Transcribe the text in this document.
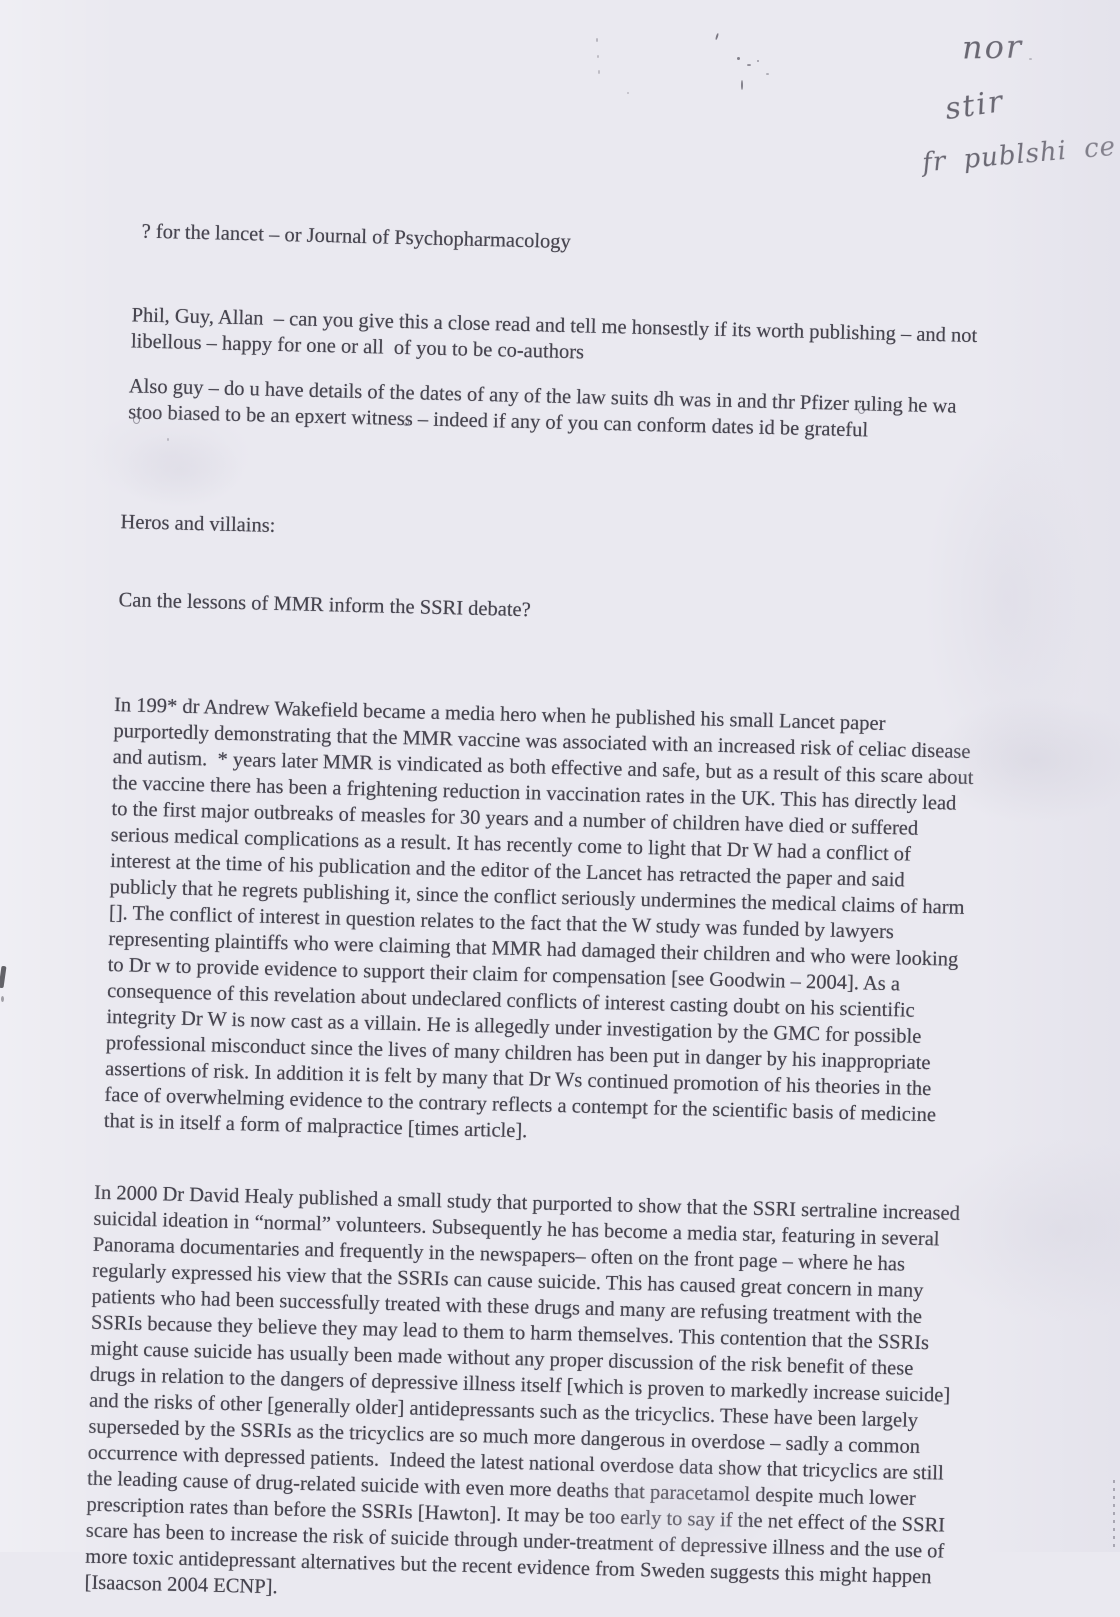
nor
stir
fr publshi ce
? for the lancet – or Journal of Psychopharmacology
Phil, Guy, Allan  – can you give this a close read and tell me honsestly if its worth publishing – and not libellous – happy for one or all  of you to be co-authors
Also guy – do u have details of the dates of any of the law suits dh was in and thr Pfizer ruling he wa stoo biased to be an epxert witness – indeed if any of you can conform dates id be grateful

Heros and villains:

Can the lessons of MMR inform the SSRI debate?

In 199* dr Andrew Wakefield became a media hero when he published his small Lancet paper purportedly demonstrating that the MMR vaccine was associated with an increased risk of celiac disease and autism.  * years later MMR is vindicated as both effective and safe, but as a result of this scare about the vaccine there has been a frightening reduction in vaccination rates in the UK. This has directly lead to the first major outbreaks of measles for 30 years and a number of children have died or suffered serious medical complications as a result. It has recently come to light that Dr W had a conflict of interest at the time of his publication and the editor of the Lancet has retracted the paper and said publicly that he regrets publishing it, since the conflict seriously undermines the medical claims of harm []. The conflict of interest in question relates to the fact that the W study was funded by lawyers representing plaintiffs who were claiming that MMR had damaged their children and who were looking to Dr w to provide evidence to support their claim for compensation [see Goodwin – 2004]. As a consequence of this revelation about undeclared conflicts of interest casting doubt on his scientific integrity Dr W is now cast as a villain. He is allegedly under investigation by the GMC for possible professional misconduct since the lives of many children has been put in danger by his inappropriate assertions of risk. In addition it is felt by many that Dr Ws continued promotion of his theories in the face of overwhelming evidence to the contrary reflects a contempt for the scientific basis of medicine that is in itself a form of malpractice [times article].
In 2000 Dr David Healy published a small study that purported to show that the SSRI sertraline increased suicidal ideation in “normal” volunteers. Subsequently he has become a media star, featuring in several Panorama documentaries and frequently in the newspapers– often on the front page – where he has regularly expressed his view that the SSRIs can cause suicide. This has caused great concern in many patients who had been successfully treated with these drugs and many are refusing treatment with the SSRIs because they believe they may lead to them to harm themselves. This contention that the SSRIs might cause suicide has usually been made without any proper discussion of the risk benefit of these drugs in relation to the dangers of depressive illness itself [which is proven to markedly increase suicide] and the risks of other [generally older] antidepressants such as the tricyclics. These have been largely superseded by the SSRIs as the tricyclics are so much more dangerous in overdose – sadly a common occurrence with depressed patients.  Indeed the latest national overdose data show that tricyclics are still the leading cause of drug-related suicide with even more deaths that paracetamol despite much lower prescription rates than before the SSRIs [Hawton]. It may be too early to say if the net effect of the SSRI scare has been to increase the risk of suicide through under-treatment of depressive illness and the use of more toxic antidepressant alternatives but the recent evidence from Sweden suggests this might happen [Isaacson 2004 ECNP].
